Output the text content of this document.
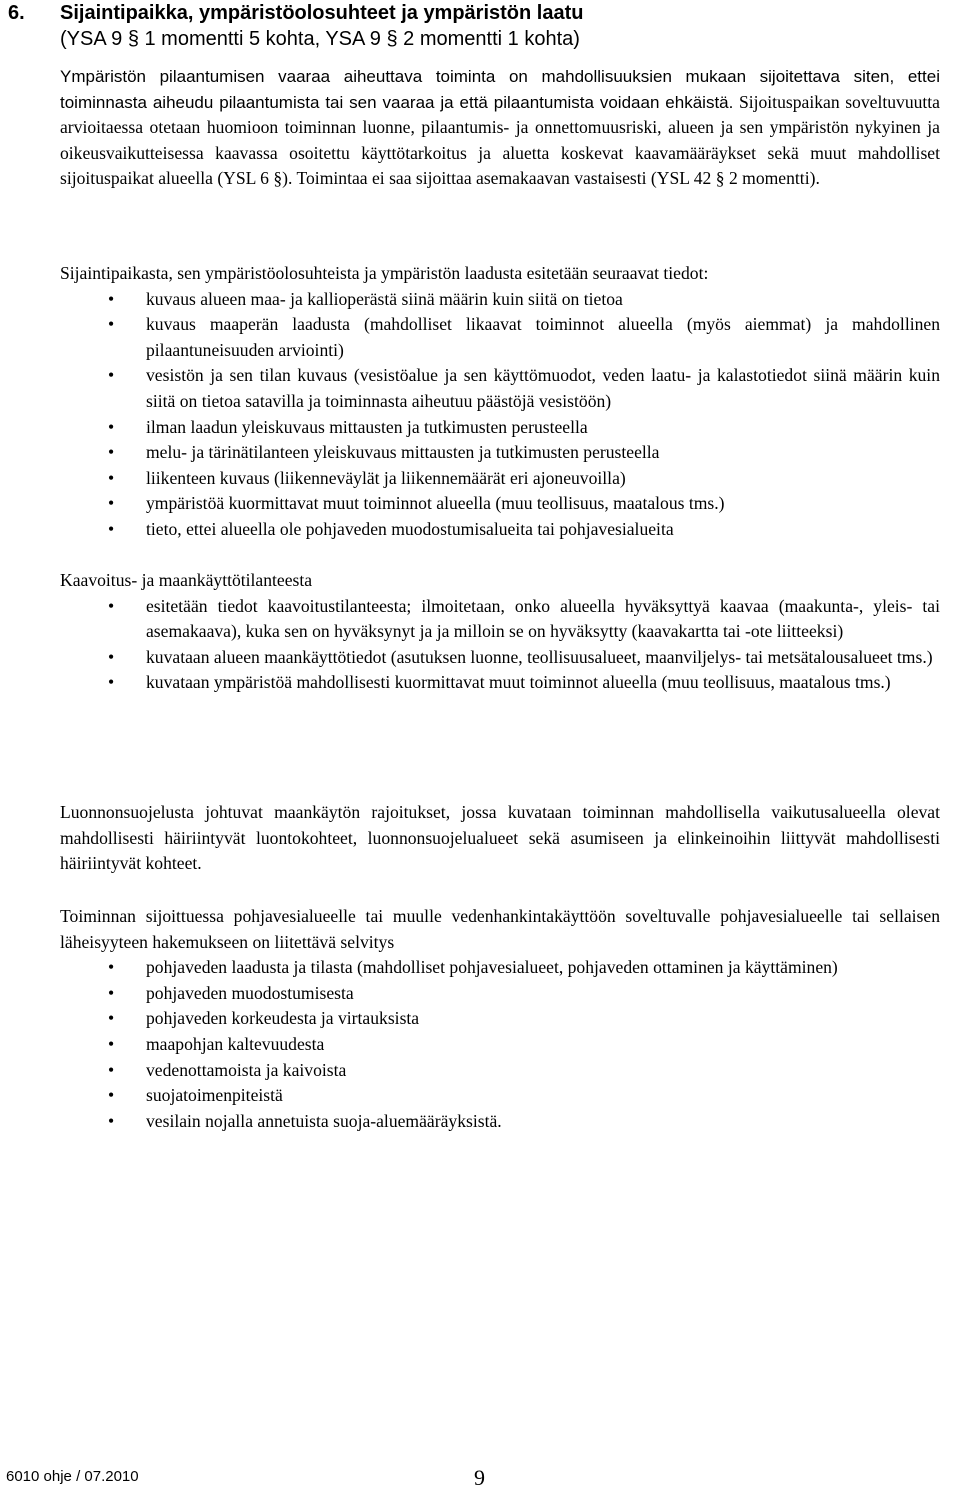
6. Sijaintipaikka, ympäristöolosuhteet ja ympäristön laatu
(YSA 9 § 1 momentti 5 kohta, YSA 9 § 2 momentti 1 kohta)

Ympäristön pilaantumisen vaaraa aiheuttava toiminta on mahdollisuuksien mukaan sijoitettava siten, ettei toiminnasta aiheudu pilaantumista tai sen vaaraa ja että pilaantumista voidaan ehkäistä. Sijoituspaikan soveltuvuutta arvioitaessa otetaan huomioon toiminnan luonne, pilaantumis- ja onnettomuusriski, alueen ja sen ympäristön nykyinen ja oikeusvaikutteisessa kaavassa osoitettu käyttötarkoitus ja aluetta koskevat kaavamääräykset sekä muut mahdolliset sijoituspaikat alueella (YSL 6 §). Toimintaa ei saa sijoittaa asemakaavan vastaisesti (YSL 42 § 2 momentti).

Sijaintipaikasta, sen ympäristöolosuhteista ja ympäristön laadusta esitetään seuraavat tiedot:

• kuvaus alueen maa- ja kallioperästä siinä määrin kuin siitä on tietoa
• kuvaus maaperän laadusta (mahdolliset likaavat toiminnot alueella (myös aiemmat) ja mahdollinen pilaantuneisuuden arviointi)
• vesistön ja sen tilan kuvaus (vesistöalue ja sen käyttömuodot, veden laatu- ja kalastotiedot siinä määrin kuin siitä on tietoa satavilla ja toiminnasta aiheutuu päästöjä vesistöön)
• ilman laadun yleiskuvaus mittausten ja tutkimusten perusteella
• melu- ja tärinätilanteen yleiskuvaus mittausten ja tutkimusten perusteella
• liikenteen kuvaus (liikenneväylät ja liikennemäärät eri ajoneuvoilla)
• ympäristöä kuormittavat muut toiminnot alueella (muu teollisuus, maatalous tms.)
• tieto, ettei alueella ole pohjaveden muodostumisalueita tai pohjavesialueita

Kaavoitus- ja maankäyttötilanteesta

• esitetään tiedot kaavoitustilanteesta; ilmoitetaan, onko alueella hyväksyttyä kaavaa (maakunta-, yleis- tai asemakaava), kuka sen on hyväksynyt ja ja milloin se on hyväksytty (kaavakartta tai -ote liitteeksi)
• kuvataan alueen maankäyttötiedot (asutuksen luonne, teollisuusalueet, maanviljelys- tai metsätalousalueet tms.)
• kuvataan ympäristöä mahdollisesti kuormittavat muut toiminnot alueella (muu teollisuus, maatalous tms.)

Luonnonsuojelusta johtuvat maankäytön rajoitukset, jossa kuvataan toiminnan mahdollisella vaikutusalueella olevat mahdollisesti häiriintyvät luontokohteet, luonnonsuojelualueet sekä asumiseen ja elinkeinoihin liittyvät mahdollisesti häiriintyvät kohteet.

Toiminnan sijoittuessa pohjavesialueelle tai muulle vedenhankintakäyttöön soveltuvalle pohjavesialueelle tai sellaisen läheisyyteen hakemukseen on liitettävä selvitys

• pohjaveden laadusta ja tilasta (mahdolliset pohjavesialueet, pohjaveden ottaminen ja käyttäminen)
• pohjaveden muodostumisesta
• pohjaveden korkeudesta ja virtauksista
• maapohjan kaltevuudesta
• vedenottamoista ja kaivoista
• suojatoimenpiteistä
• vesilain nojalla annetuista suoja-aluemääräyksistä.
6010 ohje / 07.2010	9
